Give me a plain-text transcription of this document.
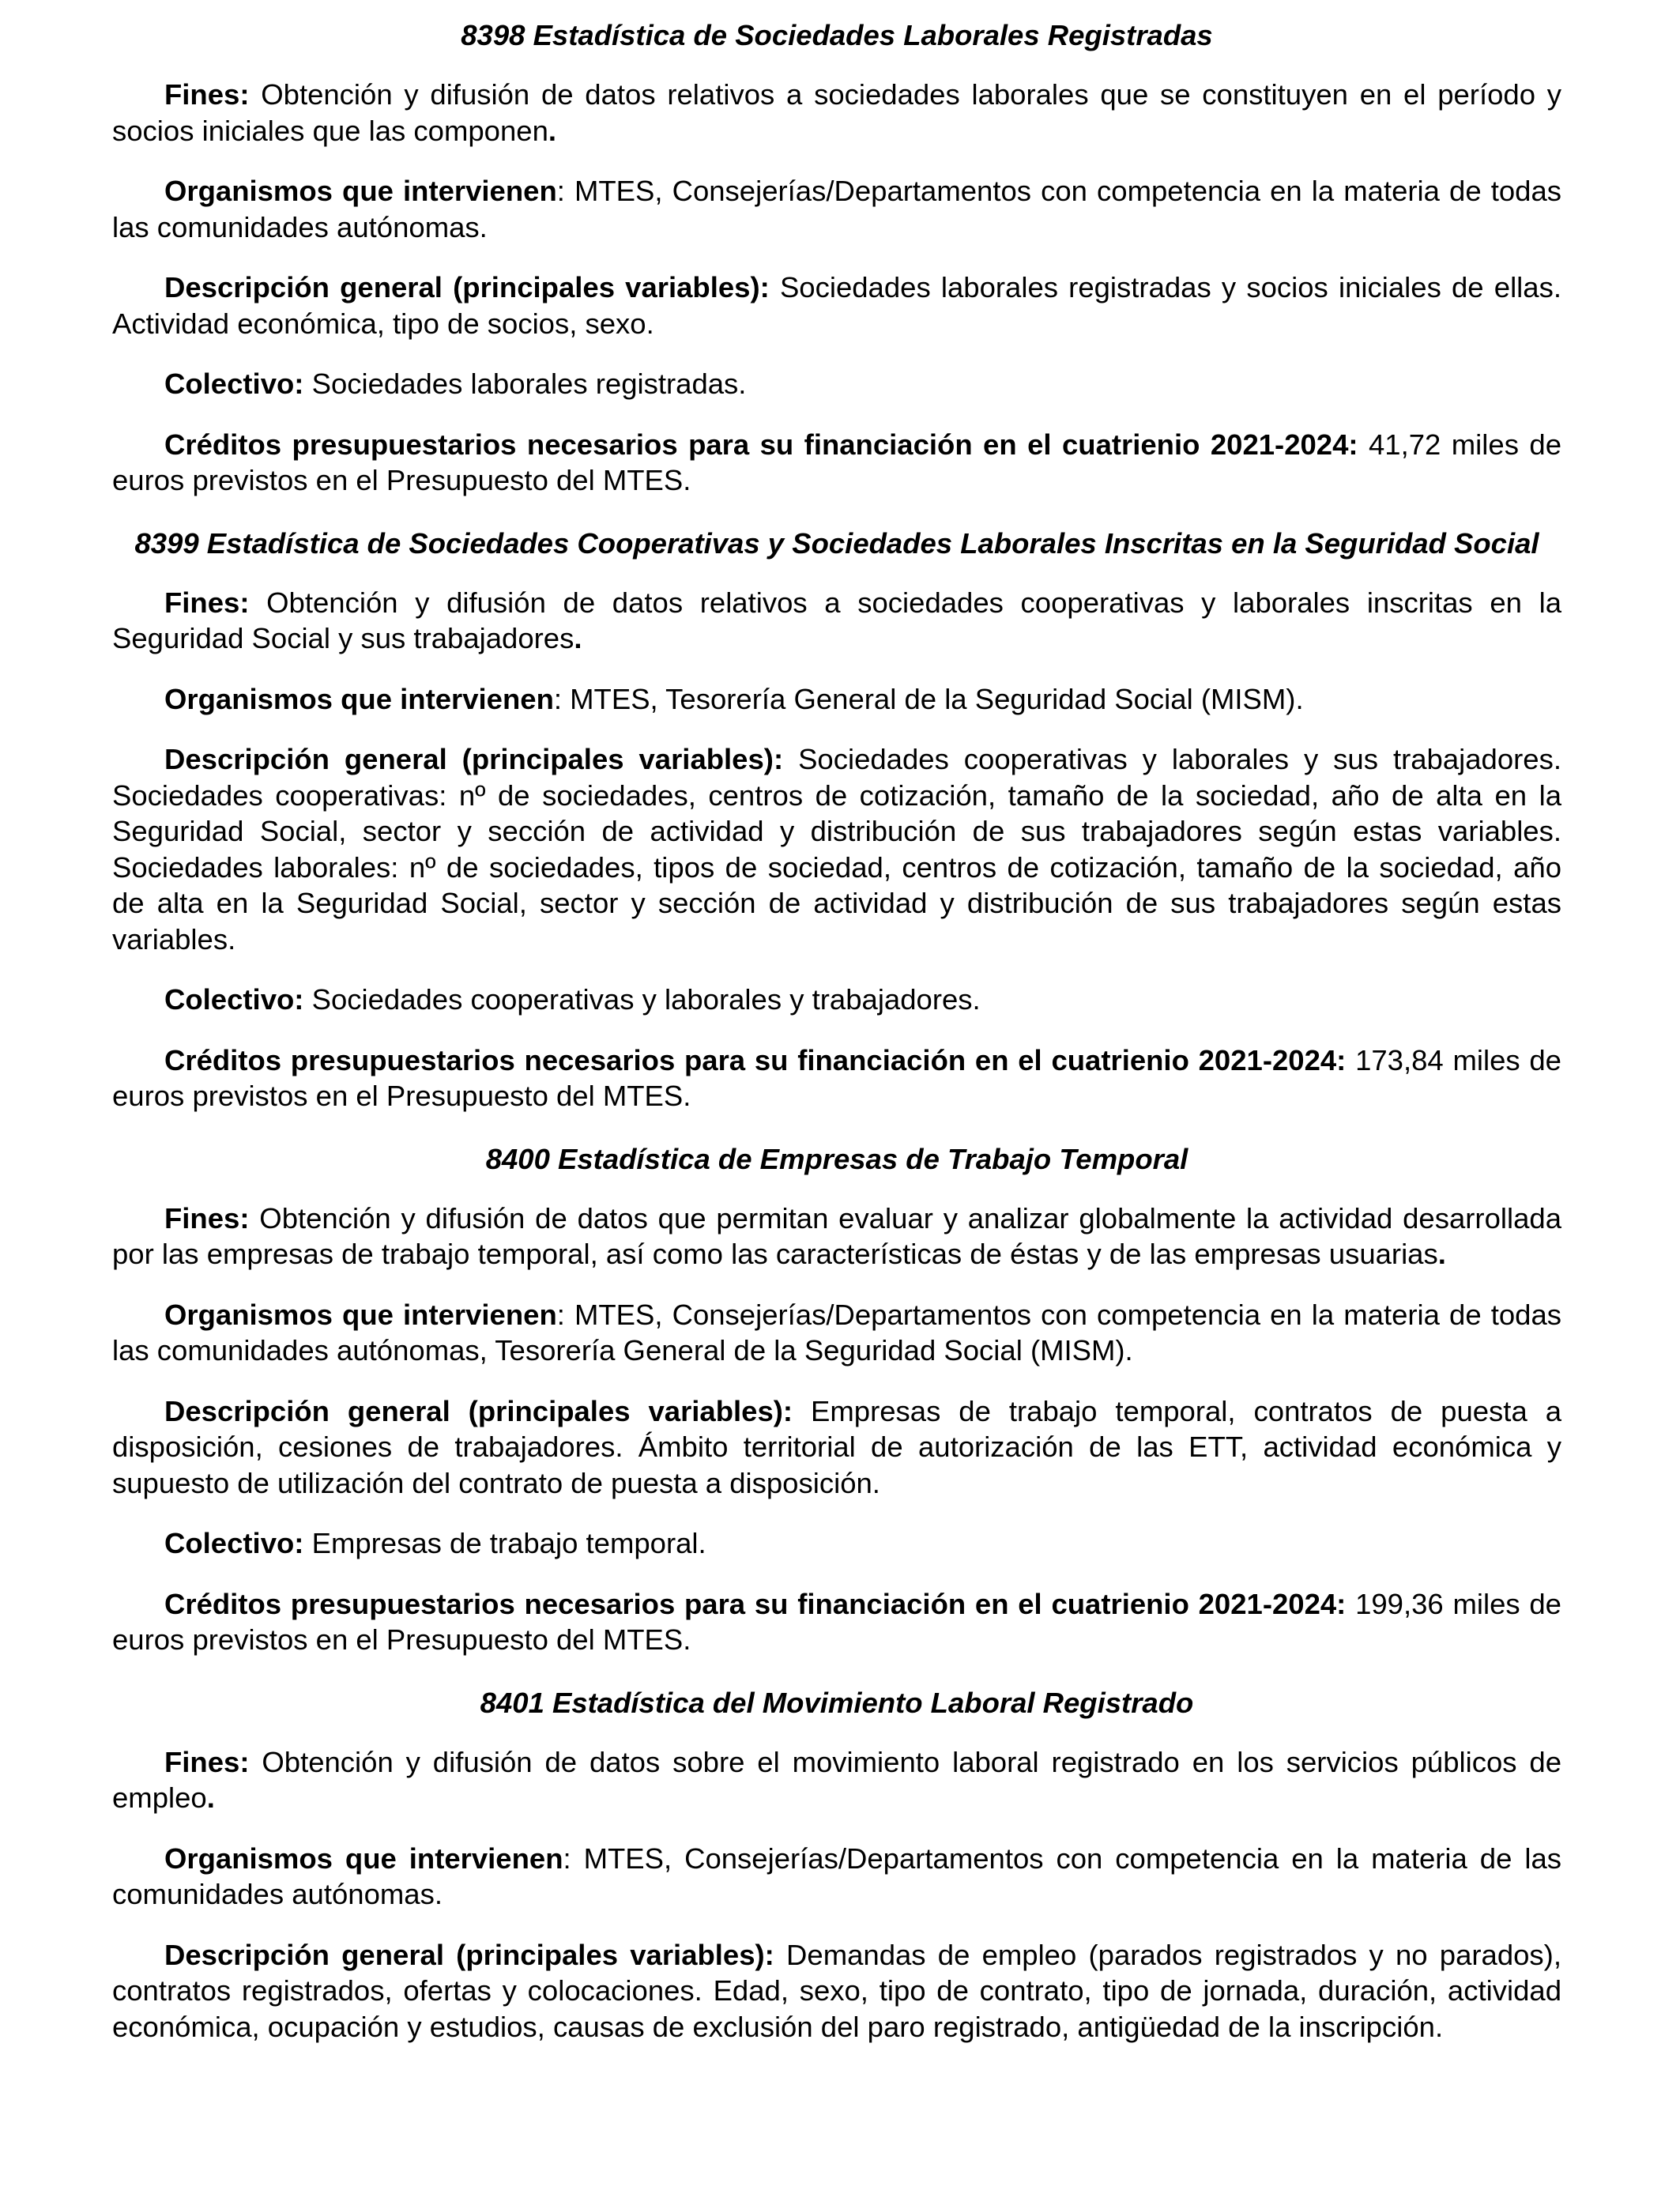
8398 Estadística de Sociedades Laborales Registradas

Fines: Obtención y difusión de datos relativos a sociedades laborales que se constituyen en el período y socios iniciales que las componen.

Organismos que intervienen: MTES, Consejerías/Departamentos con competencia en la materia de todas las comunidades autónomas.

Descripción general (principales variables): Sociedades laborales registradas y socios iniciales de ellas. Actividad económica, tipo de socios, sexo.

Colectivo: Sociedades laborales registradas.

Créditos presupuestarios necesarios para su financiación en el cuatrienio 2021-2024: 41,72 miles de euros previstos en el Presupuesto del MTES.

8399 Estadística de Sociedades Cooperativas y Sociedades Laborales Inscritas en la Seguridad Social

Fines: Obtención y difusión de datos relativos a sociedades cooperativas y laborales inscritas en la Seguridad Social y sus trabajadores.

Organismos que intervienen: MTES, Tesorería General de la Seguridad Social (MISM).

Descripción general (principales variables): Sociedades cooperativas y laborales y sus trabajadores. Sociedades cooperativas: nº de sociedades, centros de cotización, tamaño de la sociedad, año de alta en la Seguridad Social, sector y sección de actividad y distribución de sus trabajadores según estas variables. Sociedades laborales: nº de sociedades, tipos de sociedad, centros de cotización, tamaño de la sociedad, año de alta en la Seguridad Social, sector y sección de actividad y distribución de sus trabajadores según estas variables.

Colectivo: Sociedades cooperativas y laborales y trabajadores.

Créditos presupuestarios necesarios para su financiación en el cuatrienio 2021-2024: 173,84 miles de euros previstos en el Presupuesto del MTES.

8400 Estadística de Empresas de Trabajo Temporal

Fines: Obtención y difusión de datos que permitan evaluar y analizar globalmente la actividad desarrollada por las empresas de trabajo temporal, así como las características de éstas y de las empresas usuarias.

Organismos que intervienen: MTES, Consejerías/Departamentos con competencia en la materia de todas las comunidades autónomas, Tesorería General de la Seguridad Social (MISM).

Descripción general (principales variables): Empresas de trabajo temporal, contratos de puesta a disposición, cesiones de trabajadores. Ámbito territorial de autorización de las ETT, actividad económica y supuesto de utilización del contrato de puesta a disposición.

Colectivo: Empresas de trabajo temporal.

Créditos presupuestarios necesarios para su financiación en el cuatrienio 2021-2024: 199,36 miles de euros previstos en el Presupuesto del MTES.

8401 Estadística del Movimiento Laboral Registrado

Fines: Obtención y difusión de datos sobre el movimiento laboral registrado en los servicios públicos de empleo.

Organismos que intervienen: MTES, Consejerías/Departamentos con competencia en la materia de las comunidades autónomas.

Descripción general (principales variables): Demandas de empleo (parados registrados y no parados), contratos registrados, ofertas y colocaciones. Edad, sexo, tipo de contrato, tipo de jornada, duración, actividad económica, ocupación y estudios, causas de exclusión del paro registrado, antigüedad de la inscripción.
